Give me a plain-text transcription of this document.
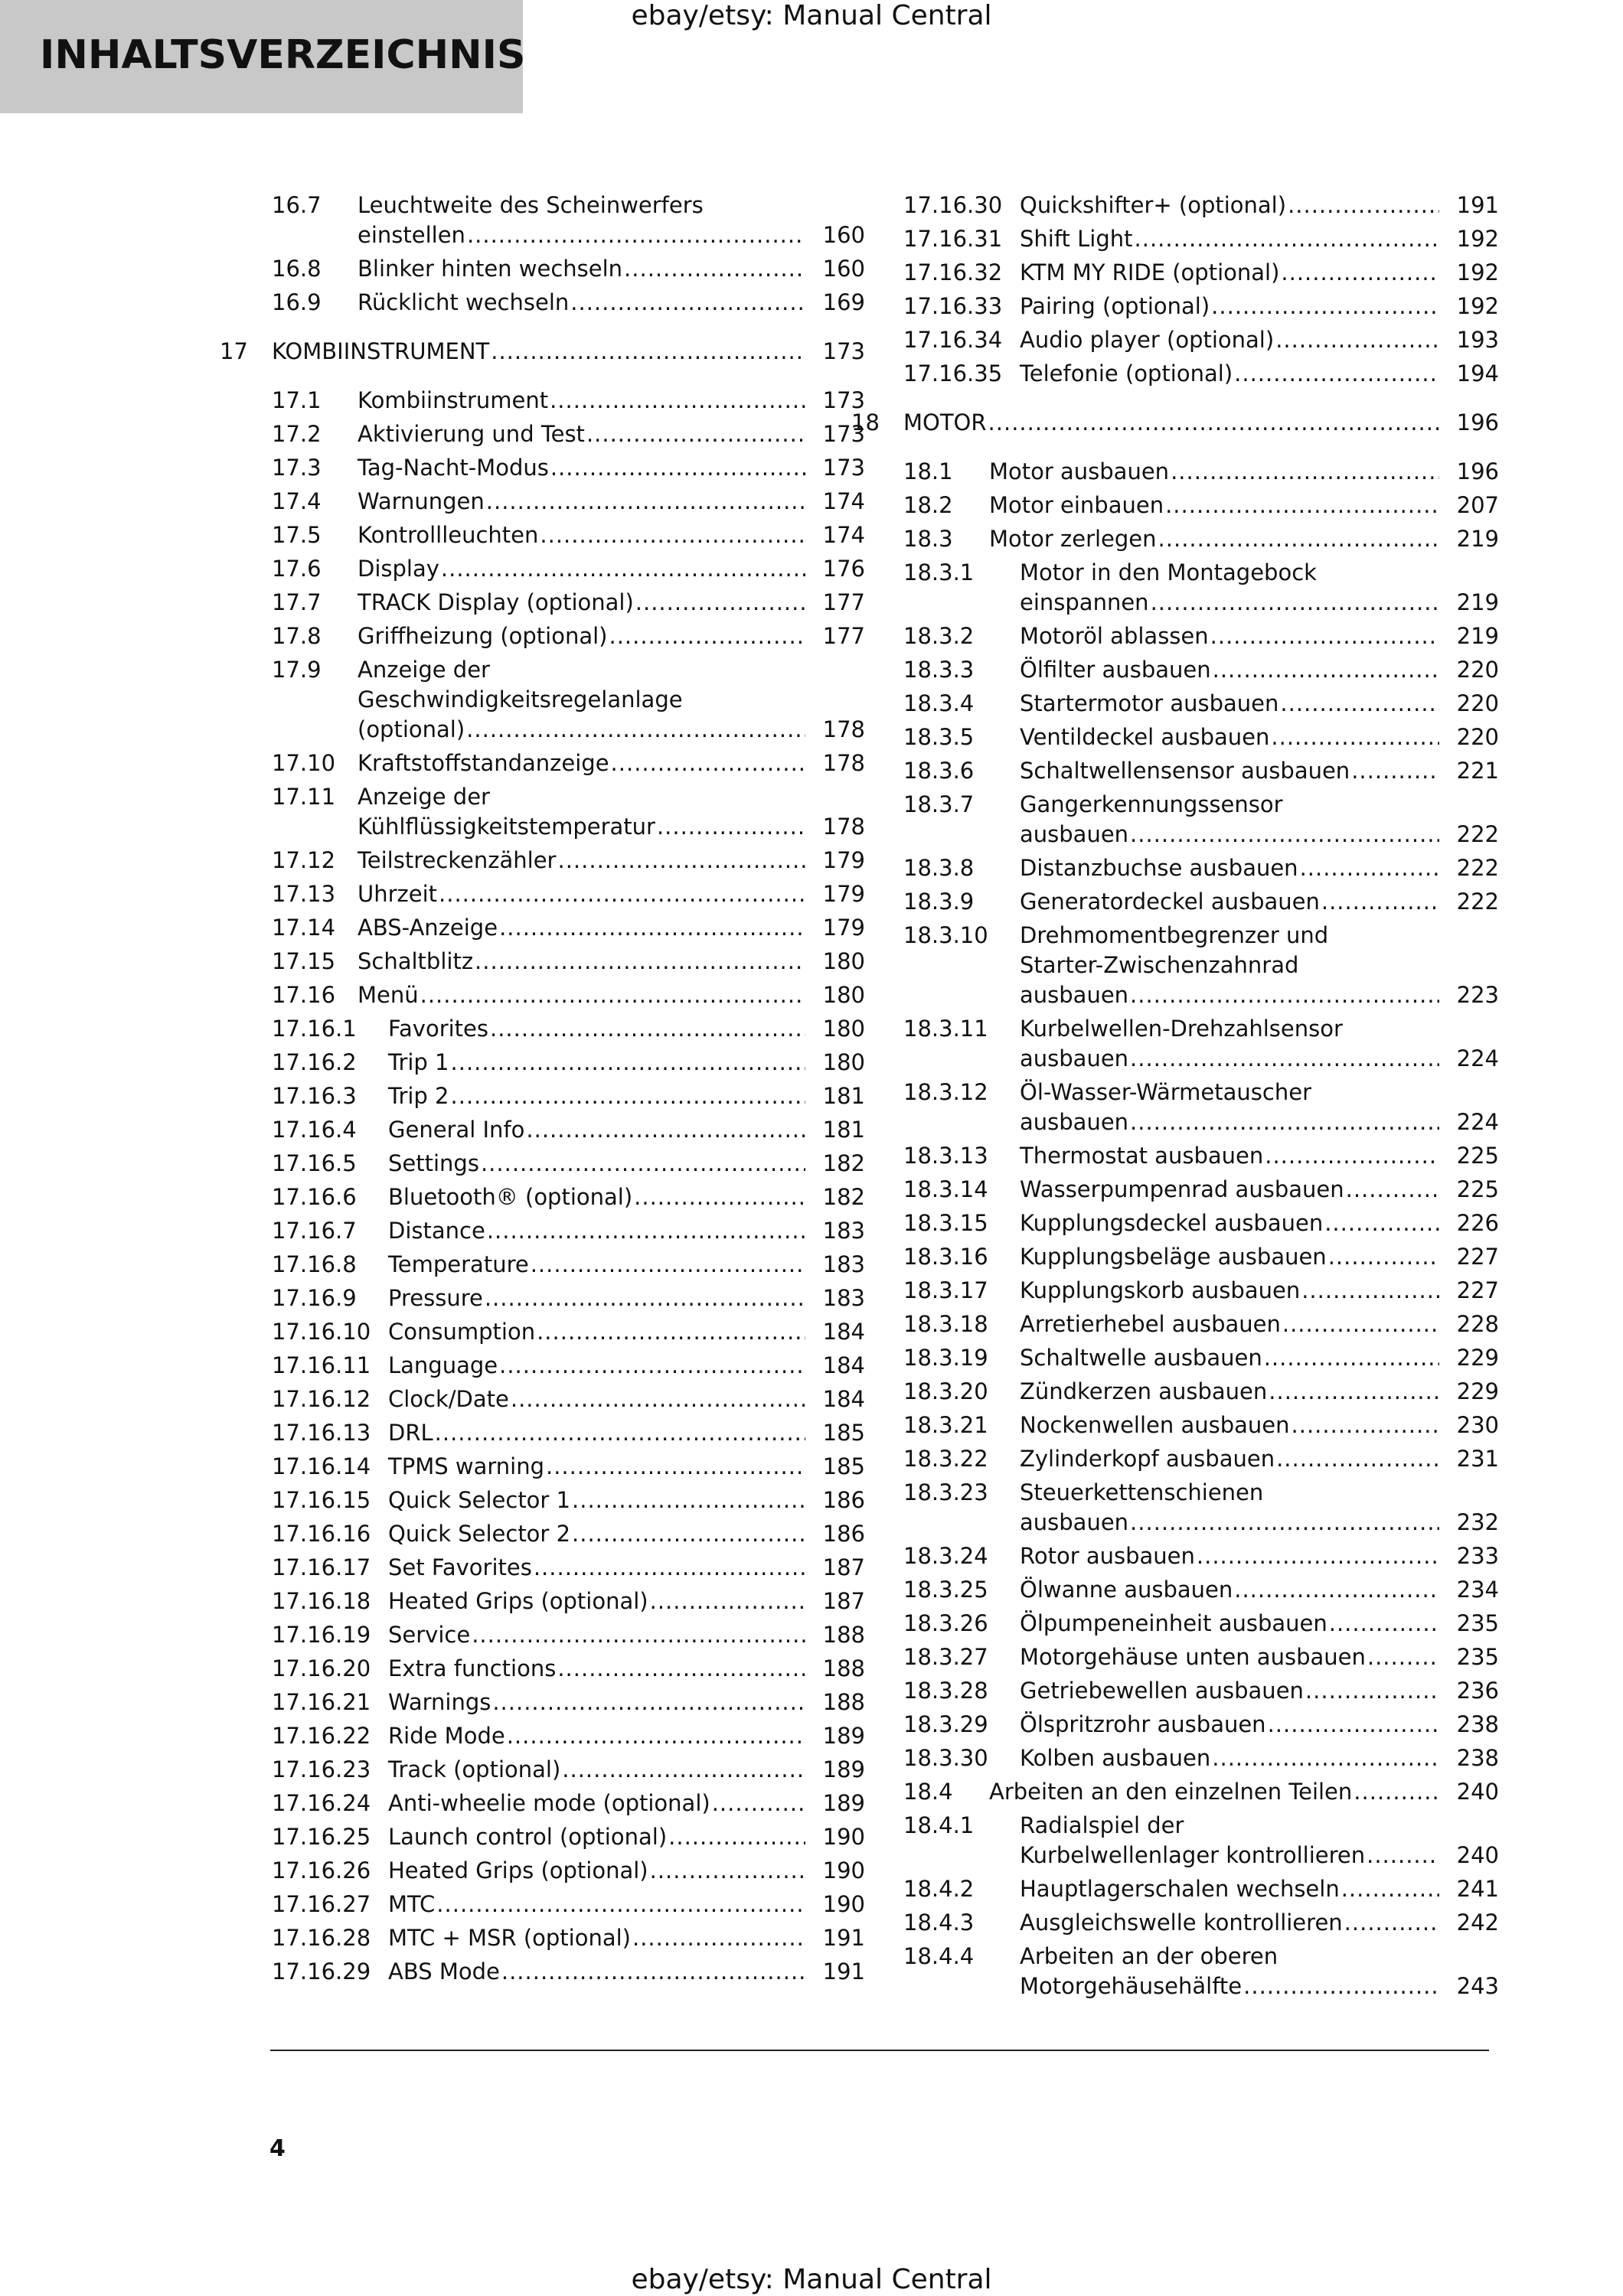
INHALTSVERZEICHNIS
ebay/etsy: Manual Central
16.7 Leuchtweite des Scheinwerfers
einstellen .....	160
16.8 Blinker hinten wechseln .....	160
16.9 Rücklicht wechseln .....	169
17 KOMBIINSTRUMENT .....	173
17.1 Kombiinstrument .....	173
17.2 Aktivierung und Test .....	173
17.3 Tag-Nacht-Modus .....	173
17.4 Warnungen .....	174
17.5 Kontrollleuchten .....	174
17.6 Display .....	176
17.7 TRACK Display (optional) .....	177
17.8 Griffheizung (optional) .....	177
17.9 Anzeige der
Geschwindigkeitsregelanlage
(optional) .....	178
17.10 Kraftstoffstandanzeige .....	178
17.11 Anzeige der
Kühlflüssigkeitstemperatur .....	178
17.12 Teilstreckenzähler .....	179
17.13 Uhrzeit .....	179
17.14 ABS-Anzeige .....	179
17.15 Schaltblitz .....	180
17.16 Menü .....	180
17.16.1 Favorites .....	180
17.16.2 Trip 1 .....	180
17.16.3 Trip 2 .....	181
17.16.4 General Info .....	181
17.16.5 Settings .....	182
17.16.6 Bluetooth® (optional) .....	182
17.16.7 Distance .....	183
17.16.8 Temperature .....	183
17.16.9 Pressure .....	183
17.16.10 Consumption .....	184
17.16.11 Language .....	184
17.16.12 Clock/Date .....	184
17.16.13 DRL .....	185
17.16.14 TPMS warning .....	185
17.16.15 Quick Selector 1 .....	186
17.16.16 Quick Selector 2 .....	186
17.16.17 Set Favorites .....	187
17.16.18 Heated Grips (optional) .....	187
17.16.19 Service .....	188
17.16.20 Extra functions .....	188
17.16.21 Warnings .....	188
17.16.22 Ride Mode .....	189
17.16.23 Track (optional) .....	189
17.16.24 Anti-wheelie mode (optional) .....	189
17.16.25 Launch control (optional) .....	190
17.16.26 Heated Grips (optional) .....	190
17.16.27 MTC .....	190
17.16.28 MTC + MSR (optional) .....	191
17.16.29 ABS Mode .....	191
17.16.30 Quickshifter+ (optional) .....	191
17.16.31 Shift Light .....	192
17.16.32 KTM MY RIDE (optional) .....	192
17.16.33 Pairing (optional) .....	192
17.16.34 Audio player (optional) .....	193
17.16.35 Telefonie (optional) .....	194
18 MOTOR .....	196
18.1 Motor ausbauen .....	196
18.2 Motor einbauen .....	207
18.3 Motor zerlegen .....	219
18.3.1 Motor in den Montagebock
einspannen .....	219
18.3.2 Motoröl ablassen .....	219
18.3.3 Ölfilter ausbauen .....	220
18.3.4 Startermotor ausbauen .....	220
18.3.5 Ventildeckel ausbauen .....	220
18.3.6 Schaltwellensensor ausbauen .....	221
18.3.7 Gangerkennungssensor
ausbauen .....	222
18.3.8 Distanzbuchse ausbauen .....	222
18.3.9 Generatordeckel ausbauen .....	222
18.3.10 Drehmomentbegrenzer und
Starter-Zwischenzahnrad
ausbauen .....	223
18.3.11 Kurbelwellen-Drehzahlsensor
ausbauen .....	224
18.3.12 Öl-Wasser-Wärmetauscher
ausbauen .....	224
18.3.13 Thermostat ausbauen .....	225
18.3.14 Wasserpumpenrad ausbauen .....	225
18.3.15 Kupplungsdeckel ausbauen .....	226
18.3.16 Kupplungsbeläge ausbauen .....	227
18.3.17 Kupplungskorb ausbauen .....	227
18.3.18 Arretierhebel ausbauen .....	228
18.3.19 Schaltwelle ausbauen .....	229
18.3.20 Zündkerzen ausbauen .....	229
18.3.21 Nockenwellen ausbauen .....	230
18.3.22 Zylinderkopf ausbauen .....	231
18.3.23 Steuerkettenschienen
ausbauen .....	232
18.3.24 Rotor ausbauen .....	233
18.3.25 Ölwanne ausbauen .....	234
18.3.26 Ölpumpeneinheit ausbauen .....	235
18.3.27 Motorgehäuse unten ausbauen .....	235
18.3.28 Getriebewellen ausbauen .....	236
18.3.29 Ölspritzrohr ausbauen .....	238
18.3.30 Kolben ausbauen .....	238
18.4 Arbeiten an den einzelnen Teilen .....	240
18.4.1 Radialspiel der
Kurbelwellenlager kontrollieren .....	240
18.4.2 Hauptlagerschalen wechseln .....	241
18.4.3 Ausgleichswelle kontrollieren .....	242
18.4.4 Arbeiten an der oberen
Motorgehäusehälfte .....	243
4
ebay/etsy: Manual Central
